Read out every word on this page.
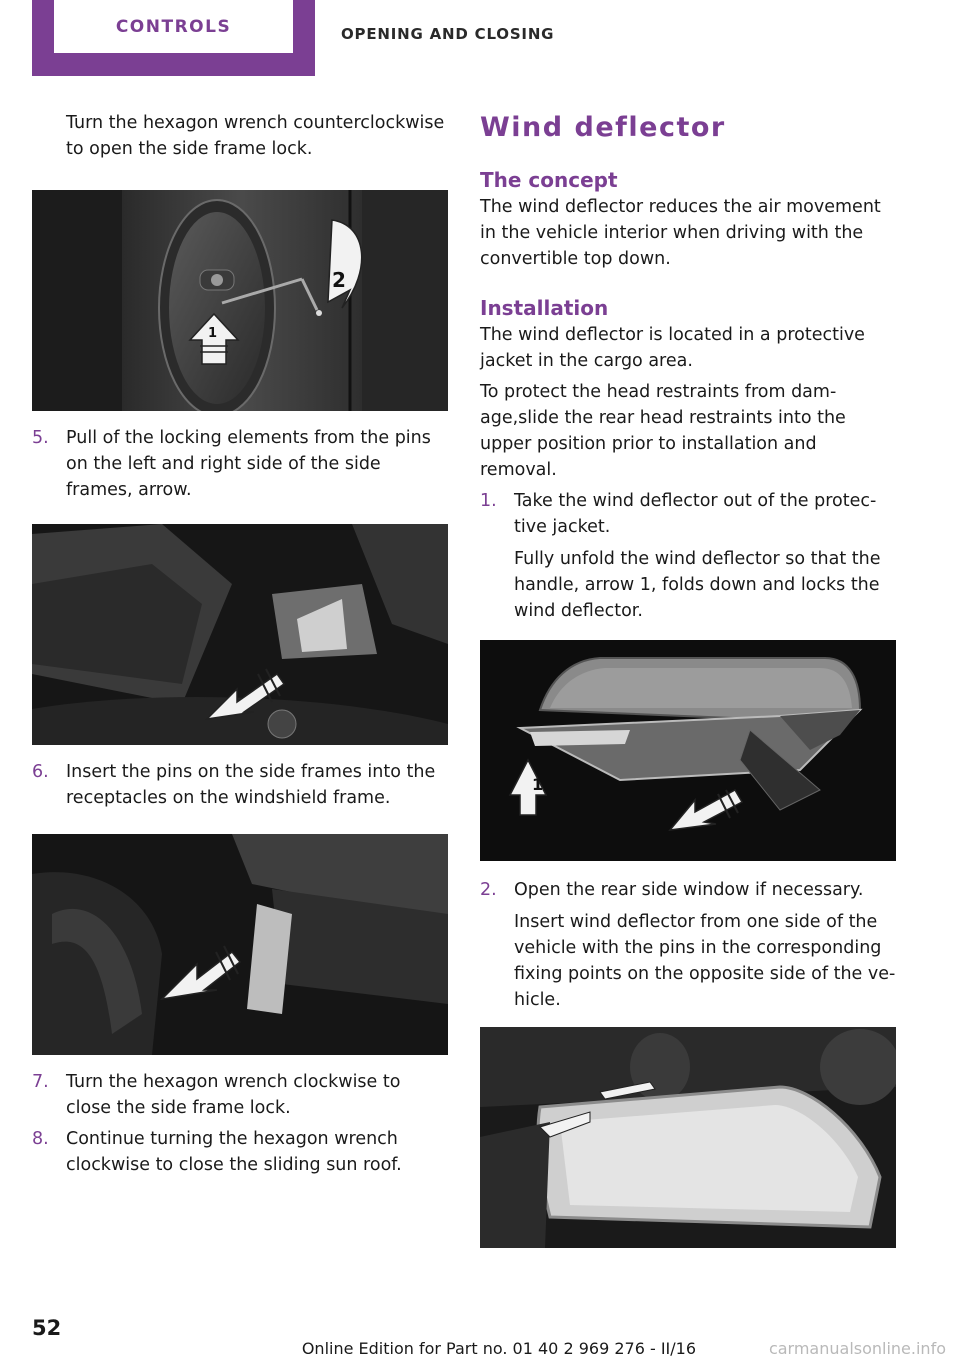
CONTROLS	OPENING AND CLOSING

Turn the hexagon wrench counterclockwise to open the side frame lock.

1
2
5. Pull of the locking elements from the pins on the left and right side of the side frames, arrow.
6. Insert the pins on the side frames into the receptacles on the windshield frame.
7. Turn the hexagon wrench clockwise to close the side frame lock.
8. Continue turning the hexagon wrench clockwise to close the sliding sun roof.
Wind deflector
The concept

The wind deflector reduces the air movement in the vehicle interior when driving with the convertible top down.

Installation

The wind deflector is located in a protective jacket in the cargo area.

To protect the head restraints from dam‐age,slide the rear head restraints into the upper position prior to installation and removal.

1. Take the wind deflector out of the protec‐tive jacket.

Fully unfold the wind deflector so that the handle, arrow 1, folds down and locks the wind deflector.

1
2. Open the rear side window if necessary.

Insert wind deflector from one side of the vehicle with the pins in the corresponding fixing points on the opposite side of the ve‐hicle.

52
Online Edition for Part no. 01 40 2 969 276 - II/16	carmanualsonline.info
